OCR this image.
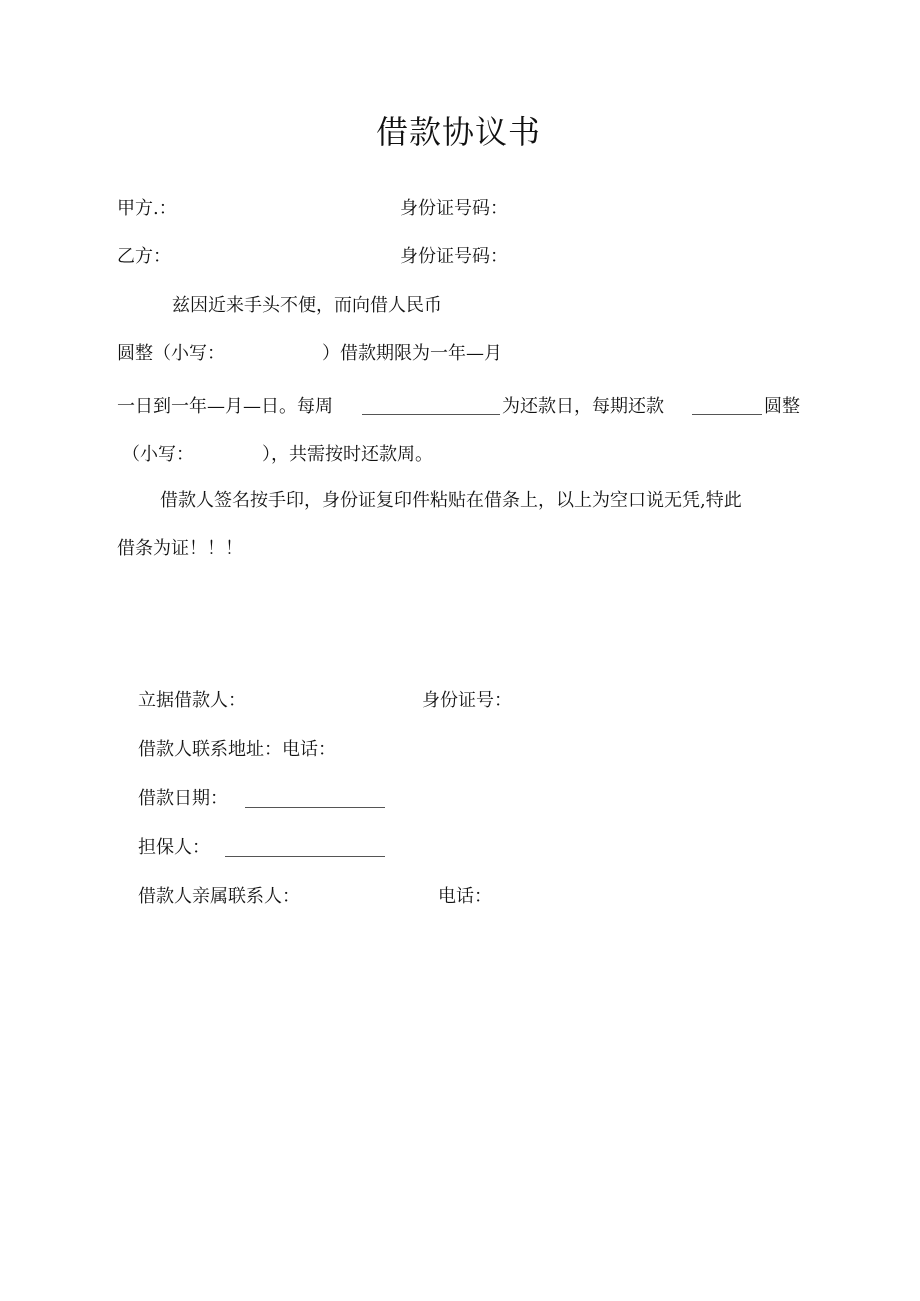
借款协议书
甲方.：	身份证号码：
乙方：	身份证号码：
兹因近来手头不便，而向借人民币
圆整（小写：	）借款期限为一年—月
一日到一年—月—日。每周	为还款日，每期还款	圆整
（小写：	），共需按时还款周。
借款人签名按手印，身份证复印件粘贴在借条上，以上为空口说无凭,特此
借条为证！！！
立据借款人：	身份证号：
借款人联系地址：电话：
借款日期：
担保人：
借款人亲属联系人：	电话：
